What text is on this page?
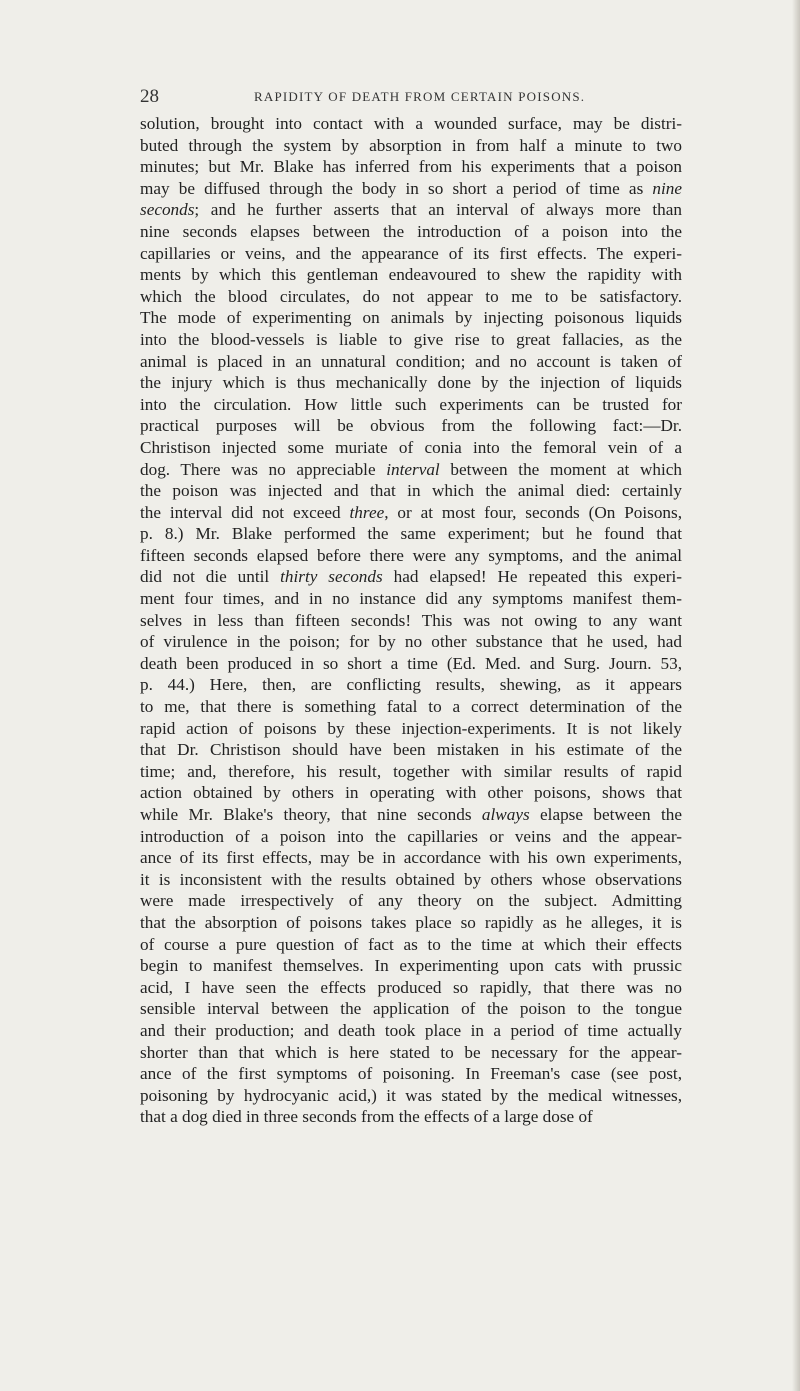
28	RAPIDITY OF DEATH FROM CERTAIN POISONS.
solution, brought into contact with a wounded surface, may be distri-
buted through the system by absorption in from half a minute to two
minutes; but Mr. Blake has inferred from his experiments that a poison
may be diffused through the body in so short a period of time as nine
seconds; and he further asserts that an interval of always more than
nine seconds elapses between the introduction of a poison into the
capillaries or veins, and the appearance of its first effects. The experi-
ments by which this gentleman endeavoured to shew the rapidity with
which the blood circulates, do not appear to me to be satisfactory.
The mode of experimenting on animals by injecting poisonous liquids
into the blood-vessels is liable to give rise to great fallacies, as the
animal is placed in an unnatural condition; and no account is taken of
the injury which is thus mechanically done by the injection of liquids
into the circulation. How little such experiments can be trusted for
practical purposes will be obvious from the following fact:—Dr.
Christison injected some muriate of conia into the femoral vein of a
dog. There was no appreciable interval between the moment at which
the poison was injected and that in which the animal died: certainly
the interval did not exceed three, or at most four, seconds (On Poisons,
p. 8.) Mr. Blake performed the same experiment; but he found that
fifteen seconds elapsed before there were any symptoms, and the animal
did not die until thirty seconds had elapsed! He repeated this experi-
ment four times, and in no instance did any symptoms manifest them-
selves in less than fifteen seconds! This was not owing to any want
of virulence in the poison; for by no other substance that he used, had
death been produced in so short a time (Ed. Med. and Surg. Journ. 53,
p. 44.) Here, then, are conflicting results, shewing, as it appears
to me, that there is something fatal to a correct determination of the
rapid action of poisons by these injection-experiments. It is not likely
that Dr. Christison should have been mistaken in his estimate of the
time; and, therefore, his result, together with similar results of rapid
action obtained by others in operating with other poisons, shows that
while Mr. Blake's theory, that nine seconds always elapse between the
introduction of a poison into the capillaries or veins and the appear-
ance of its first effects, may be in accordance with his own experiments,
it is inconsistent with the results obtained by others whose observations
were made irrespectively of any theory on the subject. Admitting
that the absorption of poisons takes place so rapidly as he alleges, it is
of course a pure question of fact as to the time at which their effects
begin to manifest themselves. In experimenting upon cats with prussic
acid, I have seen the effects produced so rapidly, that there was no
sensible interval between the application of the poison to the tongue
and their production; and death took place in a period of time actually
shorter than that which is here stated to be necessary for the appear-
ance of the first symptoms of poisoning. In Freeman's case (see post,
poisoning by hydrocyanic acid,) it was stated by the medical witnesses,
that a dog died in three seconds from the effects of a large dose of
